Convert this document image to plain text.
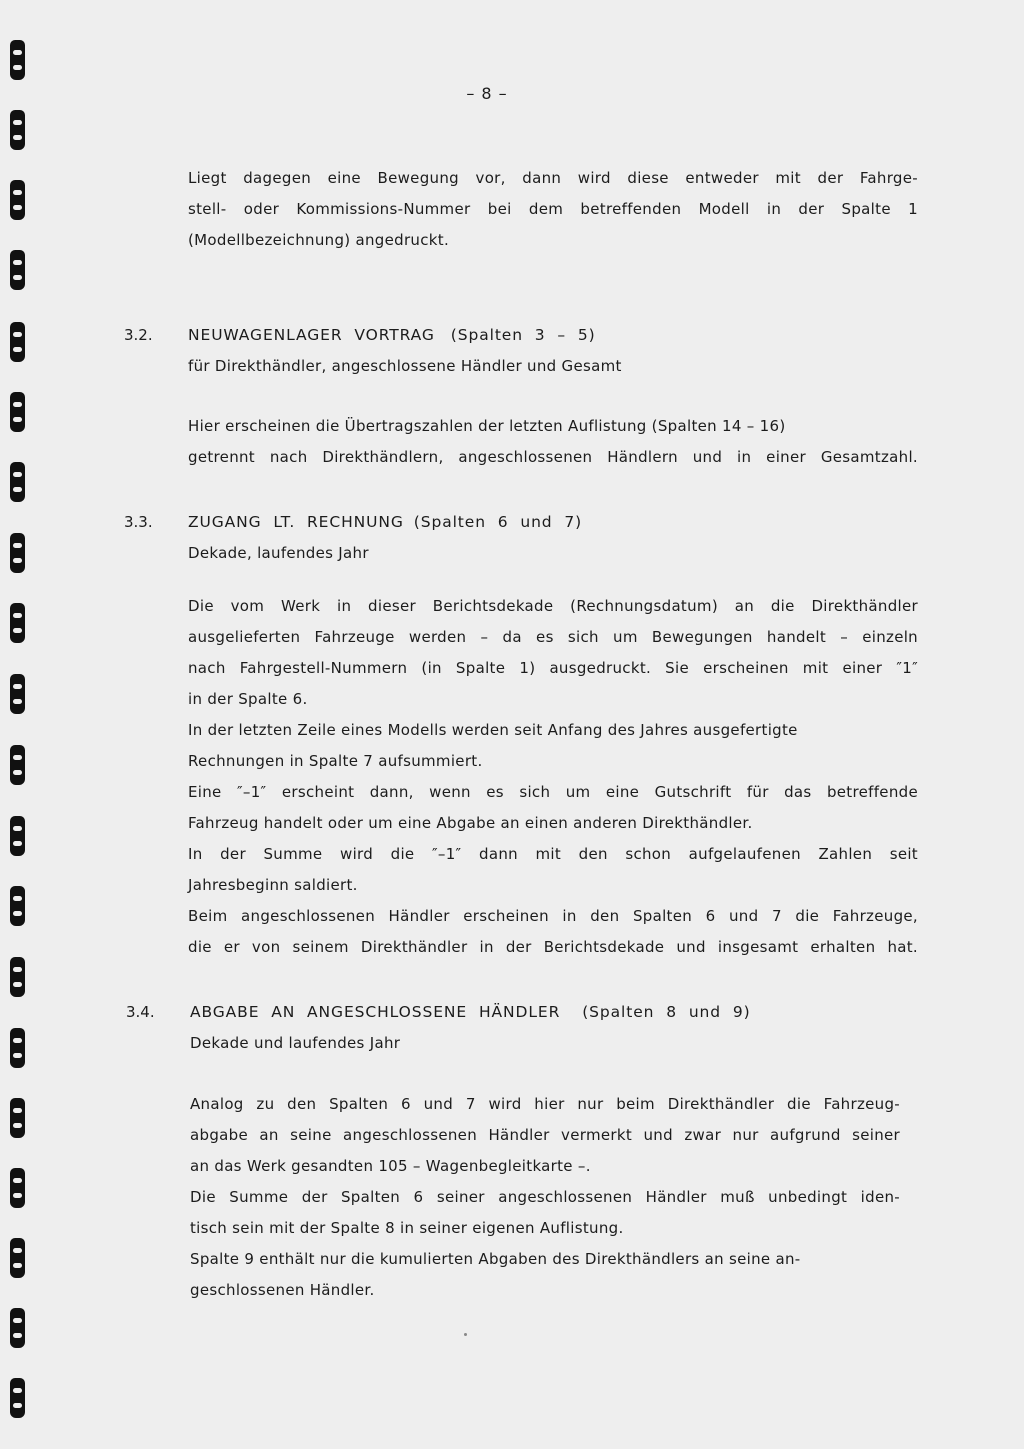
– 8 –
Liegt dagegen eine Bewegung vor, dann wird diese entweder mit der Fahrge-
stell- oder Kommissions-Nummer bei dem betreffenden Modell in der Spalte 1
(Modellbezeichnung) angedruckt.
3.2. NEUWAGENLAGER VORTRAG (Spalten 3 – 5)
für Direkthändler, angeschlossene Händler und Gesamt
Hier erscheinen die Übertragszahlen der letzten Auflistung (Spalten 14 – 16)
getrennt nach Direkthändlern, angeschlossenen Händlern und in einer Gesamtzahl.
3.3. ZUGANG LT. RECHNUNG (Spalten 6 und 7)
Dekade, laufendes Jahr
Die vom Werk in dieser Berichtsdekade (Rechnungsdatum) an die Direkthändler
ausgelieferten Fahrzeuge werden – da es sich um Bewegungen handelt – einzeln
nach Fahrgestell-Nummern (in Spalte 1) ausgedruckt. Sie erscheinen mit einer ″1″
in der Spalte 6.
In der letzten Zeile eines Modells werden seit Anfang des Jahres ausgefertigte
Rechnungen in Spalte 7 aufsummiert.
Eine ″–1″ erscheint dann, wenn es sich um eine Gutschrift für das betreffende
Fahrzeug handelt oder um eine Abgabe an einen anderen Direkthändler.
In der Summe wird die ″–1″ dann mit den schon aufgelaufenen Zahlen seit
Jahresbeginn saldiert.
Beim angeschlossenen Händler erscheinen in den Spalten 6 und 7 die Fahrzeuge,
die er von seinem Direkthändler in der Berichtsdekade und insgesamt erhalten hat.
3.4. ABGABE AN ANGESCHLOSSENE HÄNDLER (Spalten 8 und 9)
Dekade und laufendes Jahr
Analog zu den Spalten 6 und 7 wird hier nur beim Direkthändler die Fahrzeug-
abgabe an seine angeschlossenen Händler vermerkt und zwar nur aufgrund seiner
an das Werk gesandten 105 – Wagenbegleitkarte –.
Die Summe der Spalten 6 seiner angeschlossenen Händler muß unbedingt iden-
tisch sein mit der Spalte 8 in seiner eigenen Auflistung.
Spalte 9 enthält nur die kumulierten Abgaben des Direkthändlers an seine an-
geschlossenen Händler.
